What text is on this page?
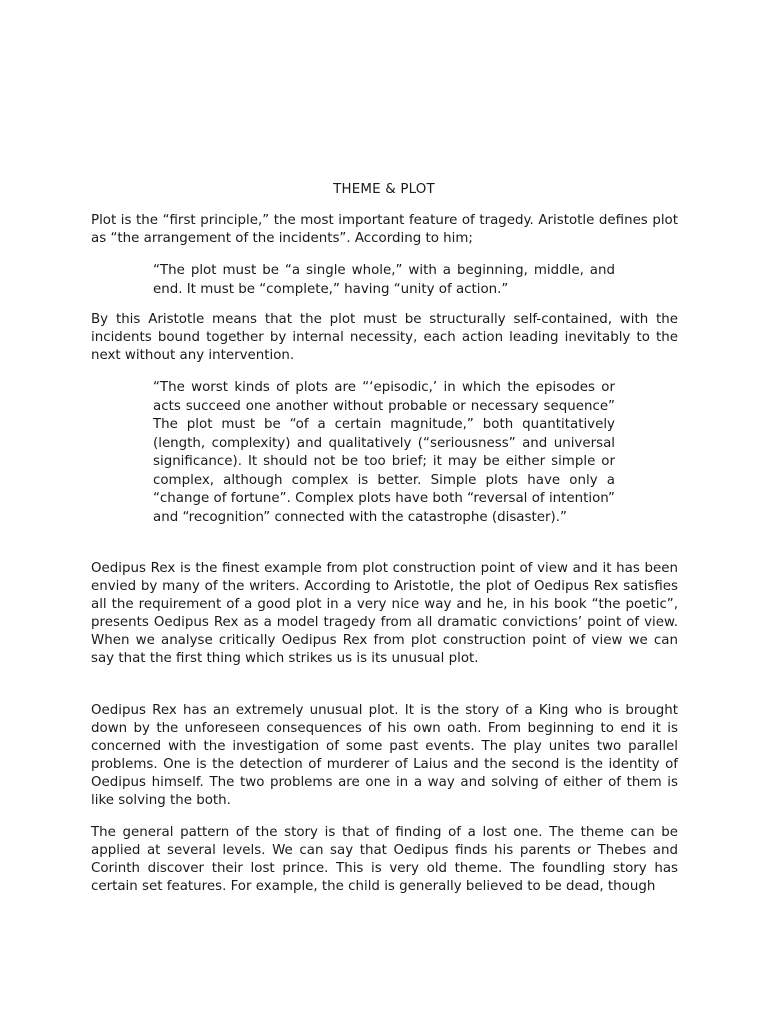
THEME & PLOT

Plot is the “first principle,” the most important feature of tragedy. Aristotle defines plot as “the arrangement of the incidents”. According to him;

“The plot must be “a single whole,” with a beginning, middle, and end. It must be “complete,” having “unity of action.”

By this Aristotle means that the plot must be structurally self-contained, with the incidents bound together by internal necessity, each action leading inevitably to the next without any intervention.

“The worst kinds of plots are “‘episodic,’ in which the episodes or acts succeed one another without probable or necessary sequence” The plot must be “of a certain magnitude,” both quantitatively (length, complexity) and qualitatively (“seriousness” and universal significance). It should not be too brief; it may be either simple or complex, although complex is better. Simple plots have only a “change of fortune”. Complex plots have both “reversal of intention” and “recognition” connected with the catastrophe (disaster).”

Oedipus Rex is the finest example from plot construction point of view and it has been envied by many of the writers. According to Aristotle, the plot of Oedipus Rex satisfies all the requirement of a good plot in a very nice way and he, in his book “the poetic”, presents Oedipus Rex as a model tragedy from all dramatic convictions’ point of view. When we analyse critically Oedipus Rex from plot construction point of view we can say that the first thing which strikes us is its unusual plot.

Oedipus Rex has an extremely unusual plot. It is the story of a King who is brought down by the unforeseen consequences of his own oath. From beginning to end it is concerned with the investigation of some past events. The play unites two parallel problems. One is the detection of murderer of Laius and the second is the identity of Oedipus himself. The two problems are one in a way and solving of either of them is like solving the both.

The general pattern of the story is that of finding of a lost one. The theme can be applied at several levels. We can say that Oedipus finds his parents or Thebes and Corinth discover their lost prince. This is very old theme. The foundling story has certain set features. For example, the child is generally believed to be dead, though
